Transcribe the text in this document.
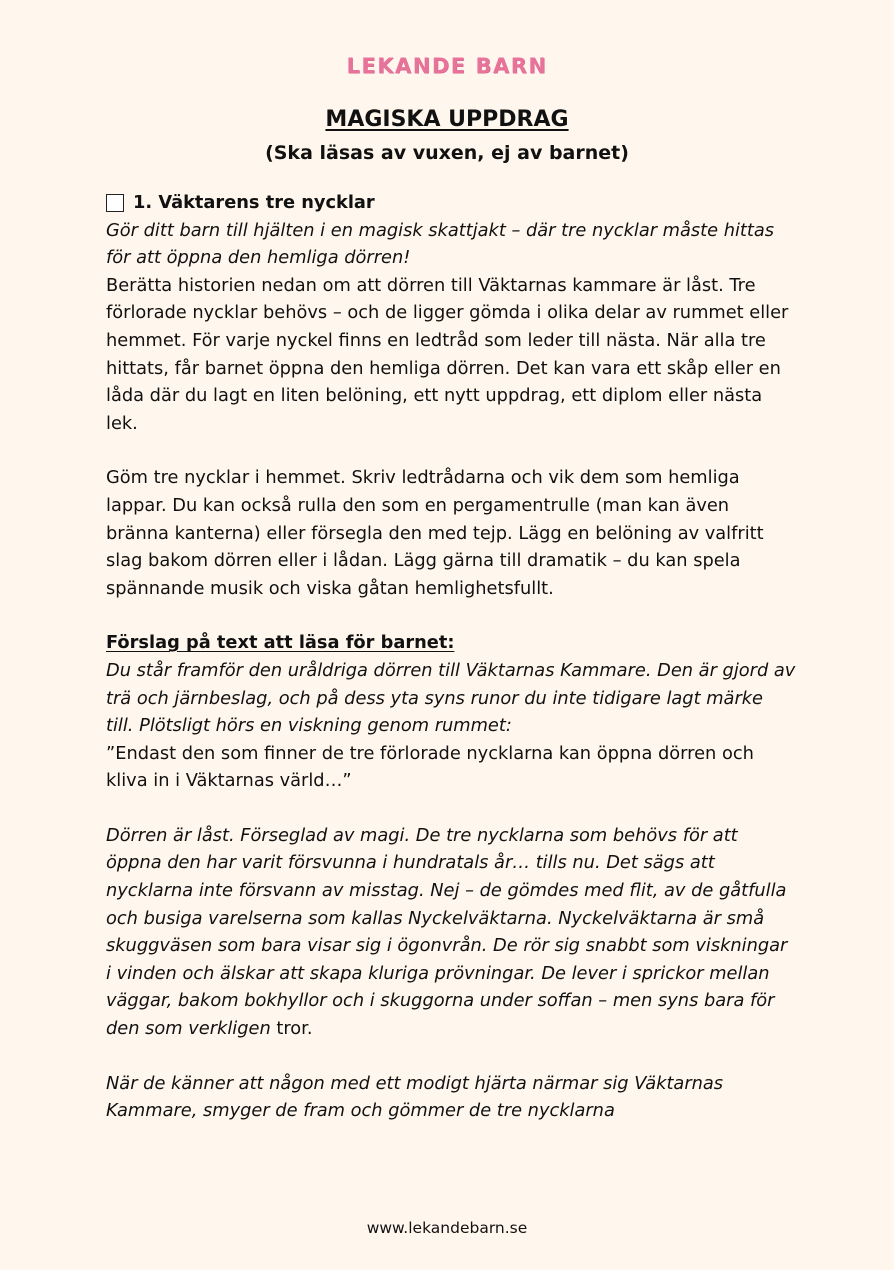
LEKANDE BARN
MAGISKA UPPDRAG
(Ska läsas av vuxen, ej av barnet)
1. Väktarens tre nycklar

Gör ditt barn till hjälten i en magisk skattjakt – där tre nycklar måste hittas för att öppna den hemliga dörren!

Berätta historien nedan om att dörren till Väktarnas kammare är låst. Tre förlorade nycklar behövs – och de ligger gömda i olika delar av rummet eller hemmet. För varje nyckel finns en ledtråd som leder till nästa. När alla tre hittats, får barnet öppna den hemliga dörren. Det kan vara ett skåp eller en låda där du lagt en liten belöning, ett nytt uppdrag, ett diplom eller nästa lek.

Göm tre nycklar i hemmet. Skriv ledtrådarna och vik dem som hemliga lappar. Du kan också rulla den som en pergamentrulle (man kan även bränna kanterna) eller försegla den med tejp. Lägg en belöning av valfritt slag bakom dörren eller i lådan. Lägg gärna till dramatik – du kan spela spännande musik och viska gåtan hemlighetsfullt.

Förslag på text att läsa för barnet:

Du står framför den uråldriga dörren till Väktarnas Kammare. Den är gjord av trä och järnbeslag, och på dess yta syns runor du inte tidigare lagt märke till. Plötsligt hörs en viskning genom rummet:
”Endast den som finner de tre förlorade nycklarna kan öppna dörren och kliva in i Väktarnas värld…”

Dörren är låst. Förseglad av magi. De tre nycklarna som behövs för att öppna den har varit försvunna i hundratals år… tills nu. Det sägs att nycklarna inte försvann av misstag. Nej – de gömdes med flit, av de gåtfulla och busiga varelserna som kallas Nyckelväktarna. Nyckelväktarna är små skuggväsen som bara visar sig i ögonvrån. De rör sig snabbt som viskningar i vinden och älskar att skapa kluriga prövningar. De lever i sprickor mellan väggar, bakom bokhyllor och i skuggorna under soffan – men syns bara för den som verkligen tror.

När de känner att någon med ett modigt hjärta närmar sig Väktarnas Kammare, smyger de fram och gömmer de tre nycklarna

www.lekandebarn.se
